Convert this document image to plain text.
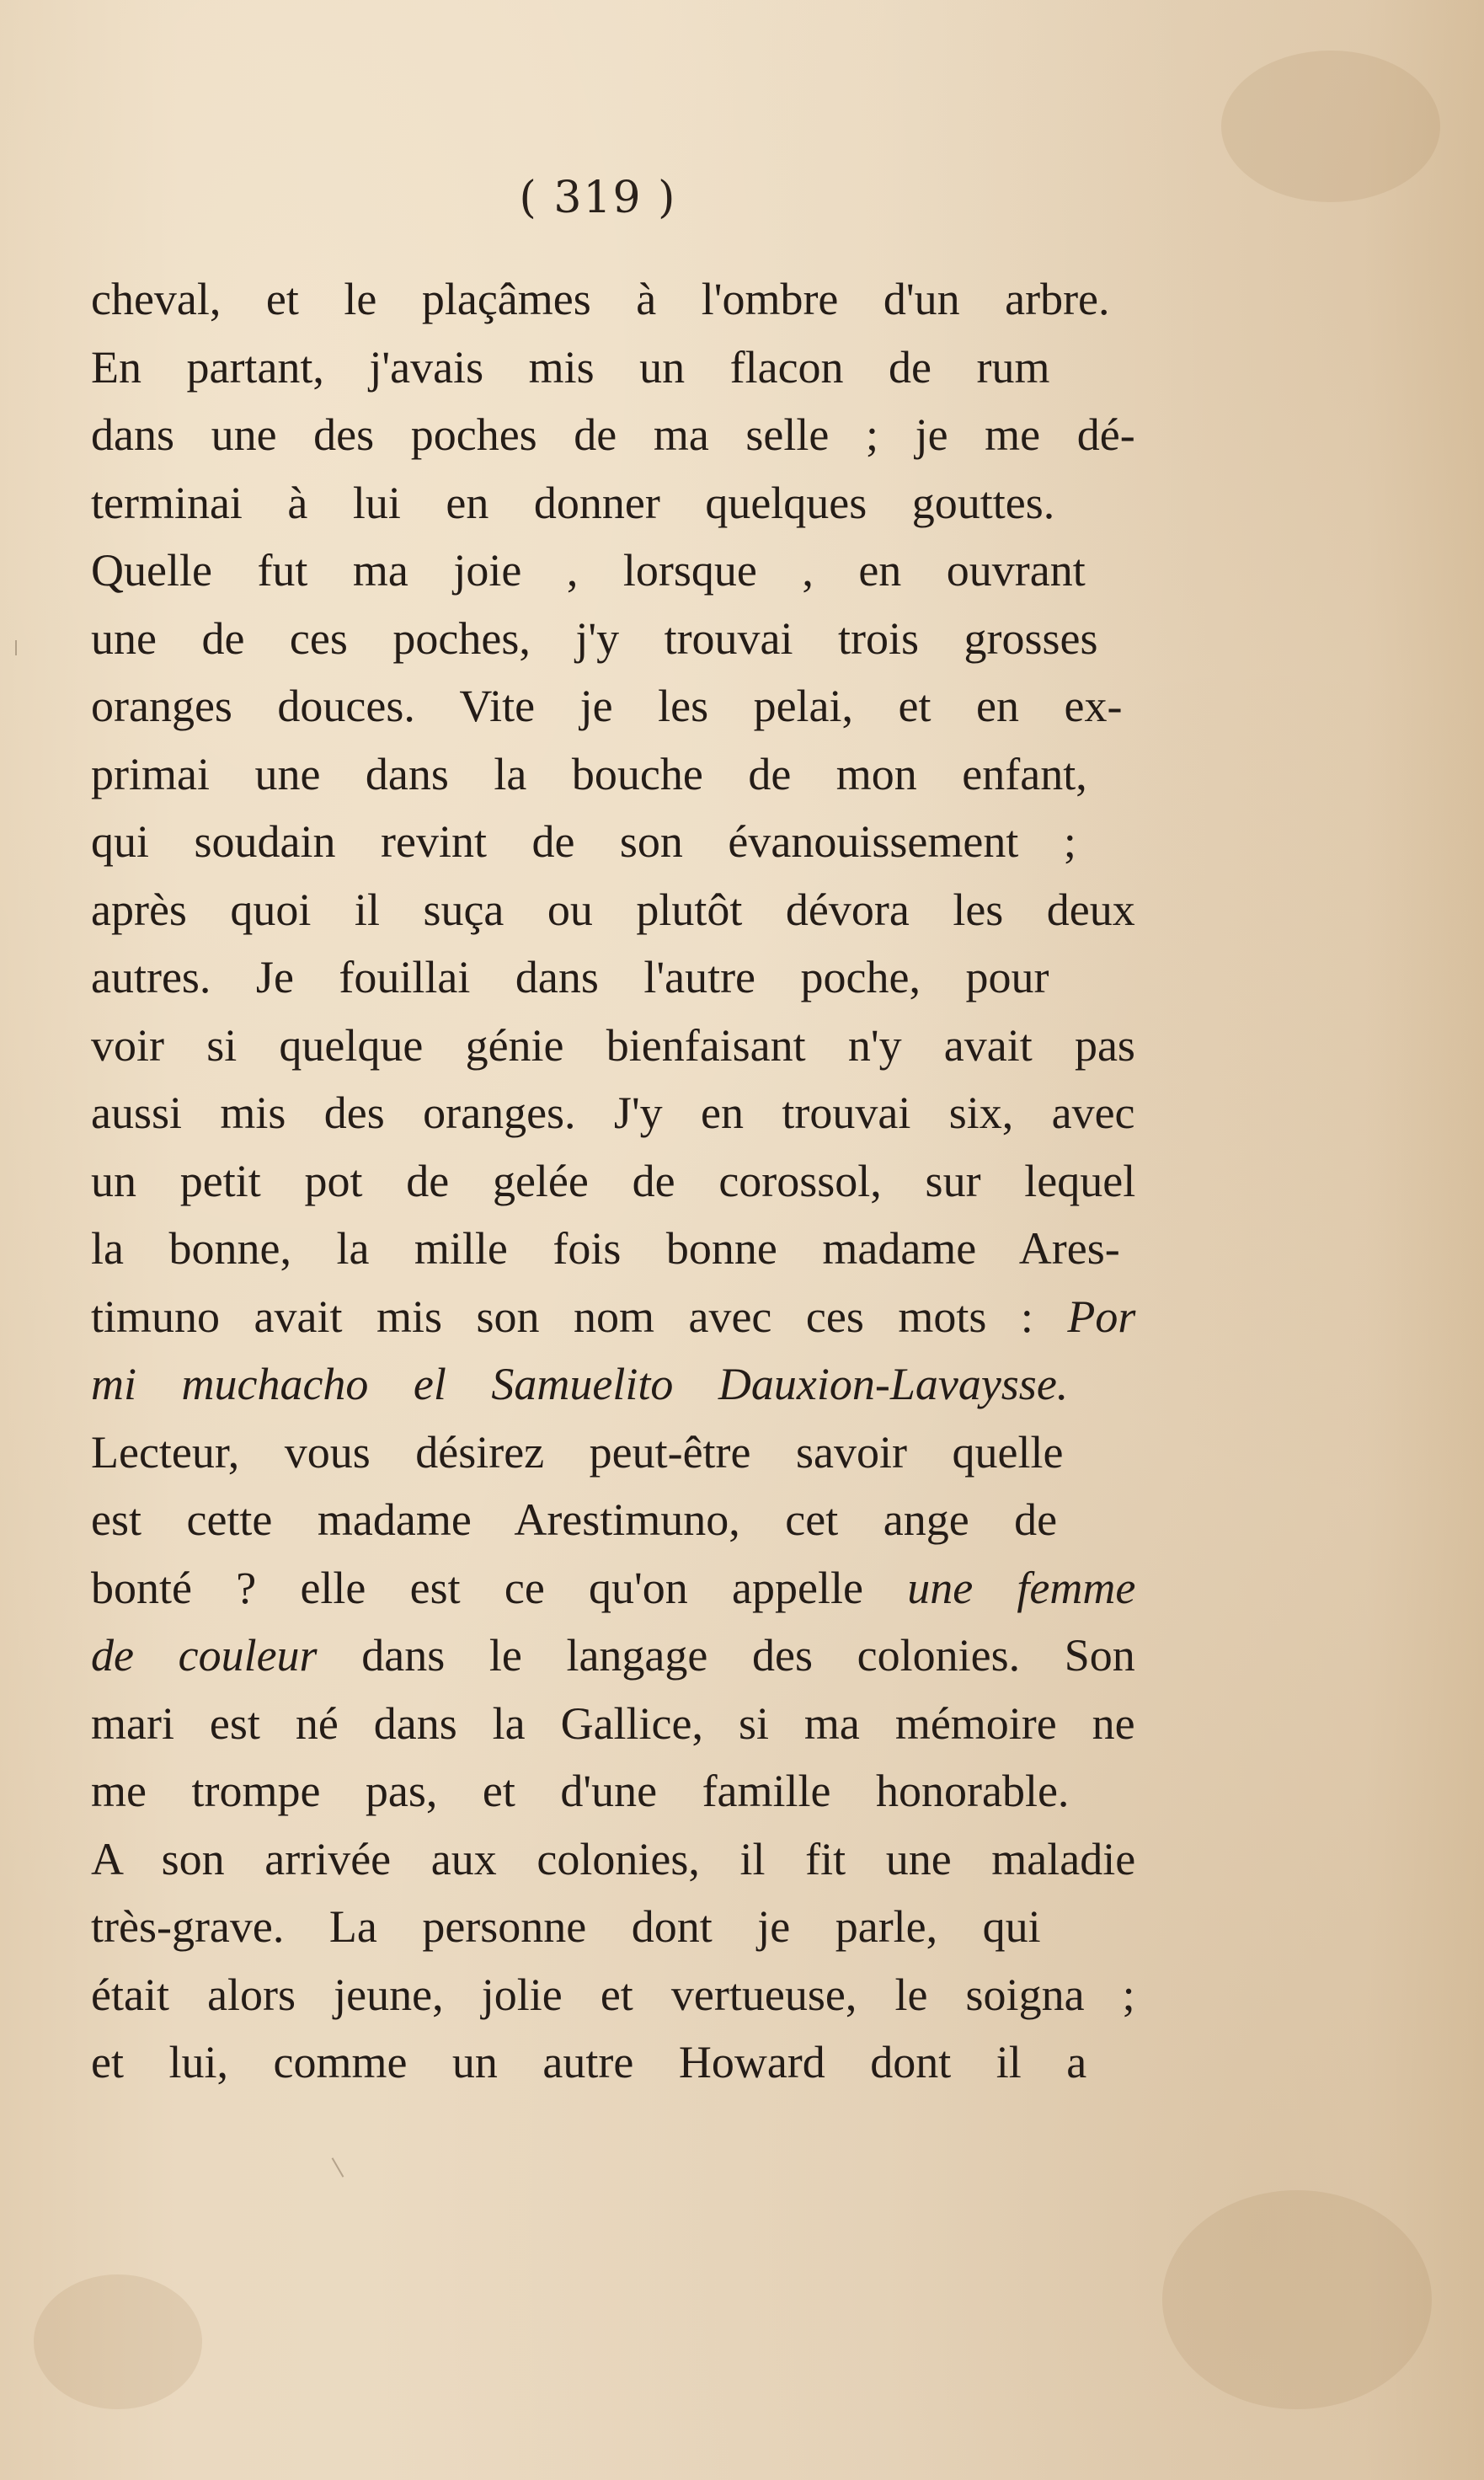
( 319 )
cheval, et le plaçâmes à l'ombre d'un arbre.
En partant, j'avais mis un flacon de rum
dans une des poches de ma selle ; je me dé-
terminai à lui en donner quelques gouttes.
Quelle fut ma joie , lorsque , en ouvrant
une de ces poches, j'y trouvai trois grosses
oranges douces. Vite je les pelai, et en ex-
primai une dans la bouche de mon enfant,
qui soudain revint de son évanouissement ;
après quoi il suça ou plutôt dévora les deux
autres. Je fouillai dans l'autre poche, pour
voir si quelque génie bienfaisant n'y avait pas
aussi mis des oranges. J'y en trouvai six, avec
un petit pot de gelée de corossol, sur lequel
la bonne, la mille fois bonne madame Ares-
timuno avait mis son nom avec ces mots : Por
mi muchacho el Samuelito Dauxion-Lavaysse.
Lecteur, vous désirez peut-être savoir quelle
est cette madame Arestimuno, cet ange de
bonté ? elle est ce qu'on appelle une femme
de couleur dans le langage des colonies. Son
mari est né dans la Gallice, si ma mémoire ne
me trompe pas, et d'une famille honorable.
A son arrivée aux colonies, il fit une maladie
très-grave. La personne dont je parle, qui
était alors jeune, jolie et vertueuse, le soigna ;
et lui, comme un autre Howard dont il a
